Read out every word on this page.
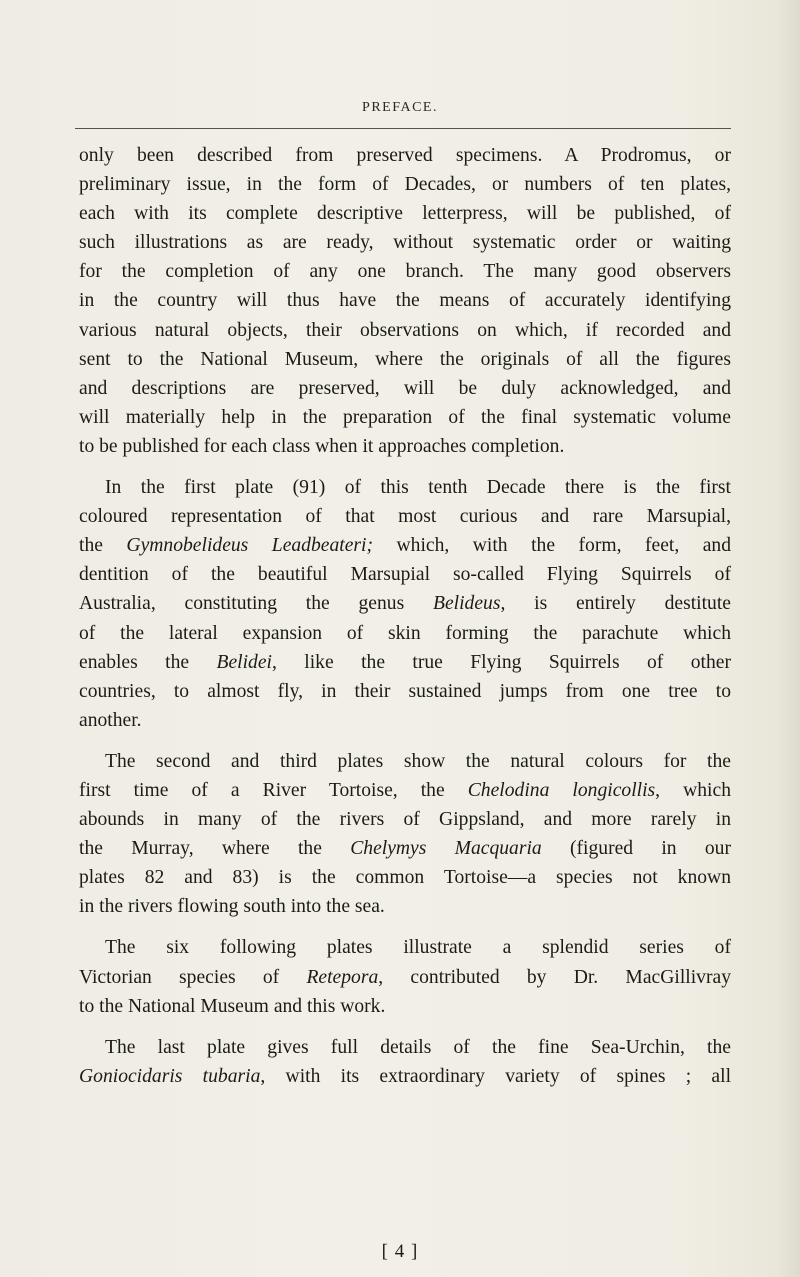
PREFACE.
only been described from preserved specimens. A Prodromus, or
preliminary issue, in the form of Decades, or numbers of ten plates,
each with its complete descriptive letterpress, will be published, of
such illustrations as are ready, without systematic order or waiting
for the completion of any one branch. The many good observers
in the country will thus have the means of accurately identifying
various natural objects, their observations on which, if recorded and
sent to the National Museum, where the originals of all the figures
and descriptions are preserved, will be duly acknowledged, and
will materially help in the preparation of the final systematic volume
to be published for each class when it approaches completion.
In the first plate (91) of this tenth Decade there is the first
coloured representation of that most curious and rare Marsupial,
the Gymnobelideus Leadbeateri; which, with the form, feet, and
dentition of the beautiful Marsupial so-called Flying Squirrels of
Australia, constituting the genus Belideus, is entirely destitute
of the lateral expansion of skin forming the parachute which
enables the Belidei, like the true Flying Squirrels of other
countries, to almost fly, in their sustained jumps from one tree to
another.
The second and third plates show the natural colours for the
first time of a River Tortoise, the Chelodina longicollis, which
abounds in many of the rivers of Gippsland, and more rarely in
the Murray, where the Chelymys Macquaria (figured in our
plates 82 and 83) is the common Tortoise—a species not known
in the rivers flowing south into the sea.
The six following plates illustrate a splendid series of
Victorian species of Retepora, contributed by Dr. MacGillivray
to the National Museum and this work.
The last plate gives full details of the fine Sea-Urchin, the
Goniocidaris tubaria, with its extraordinary variety of spines ; all
[ 4 ]
